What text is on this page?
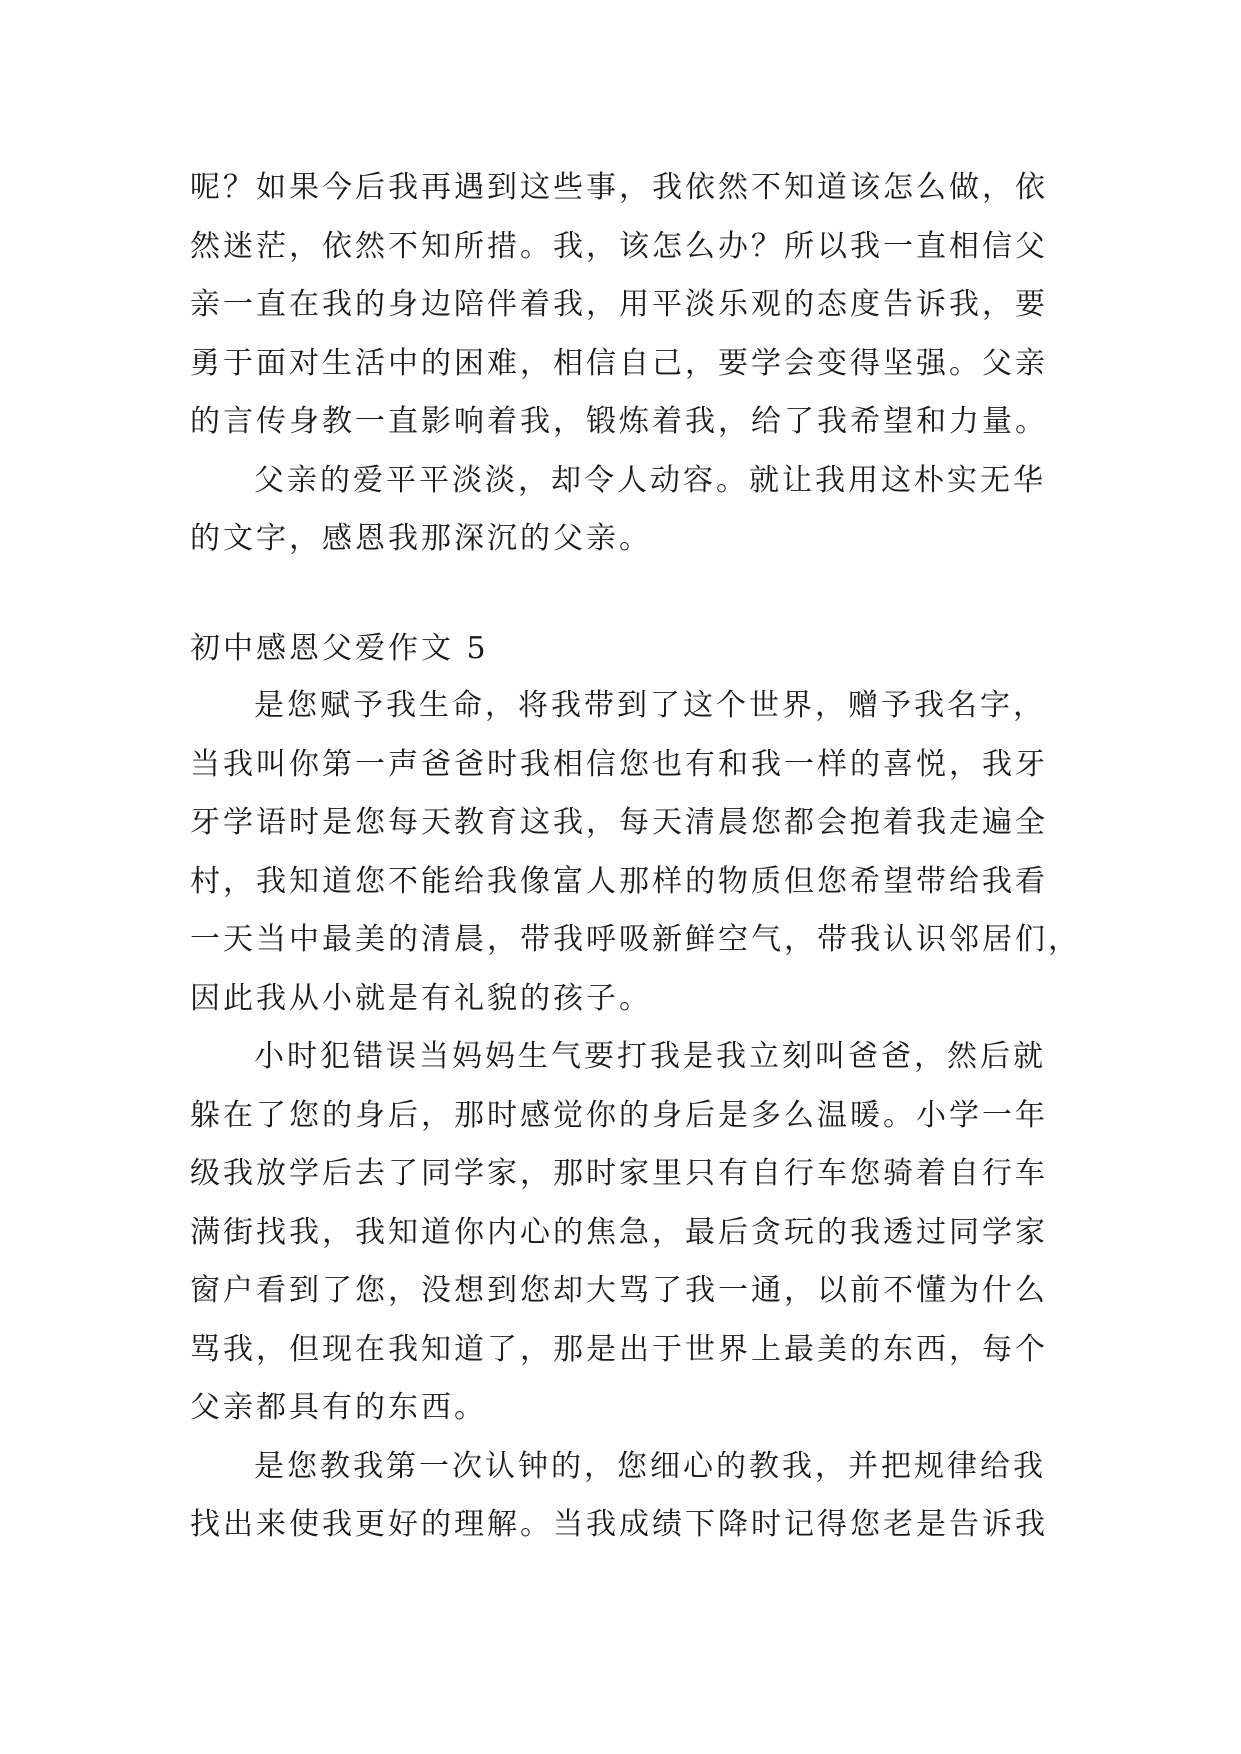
呢？如果今后我再遇到这些事，我依然不知道该怎么做，依
然迷茫，依然不知所措。我，该怎么办？所以我一直相信父
亲一直在我的身边陪伴着我，用平淡乐观的态度告诉我，要
勇于面对生活中的困难，相信自己，要学会变得坚强。父亲
的言传身教一直影响着我，锻炼着我，给了我希望和力量。
父亲的爱平平淡淡，却令人动容。就让我用这朴实无华
的文字，感恩我那深沉的父亲。
初中感恩父爱作文 5
是您赋予我生命，将我带到了这个世界，赠予我名字，
当我叫你第一声爸爸时我相信您也有和我一样的喜悦，我牙
牙学语时是您每天教育这我，每天清晨您都会抱着我走遍全
村，我知道您不能给我像富人那样的物质但您希望带给我看
一天当中最美的清晨，带我呼吸新鲜空气，带我认识邻居们，
因此我从小就是有礼貌的孩子。
小时犯错误当妈妈生气要打我是我立刻叫爸爸，然后就
躲在了您的身后，那时感觉你的身后是多么温暖。小学一年
级我放学后去了同学家，那时家里只有自行车您骑着自行车
满街找我，我知道你内心的焦急，最后贪玩的我透过同学家
窗户看到了您，没想到您却大骂了我一通，以前不懂为什么
骂我，但现在我知道了，那是出于世界上最美的东西，每个
父亲都具有的东西。
是您教我第一次认钟的，您细心的教我，并把规律给我
找出来使我更好的理解。当我成绩下降时记得您老是告诉我
